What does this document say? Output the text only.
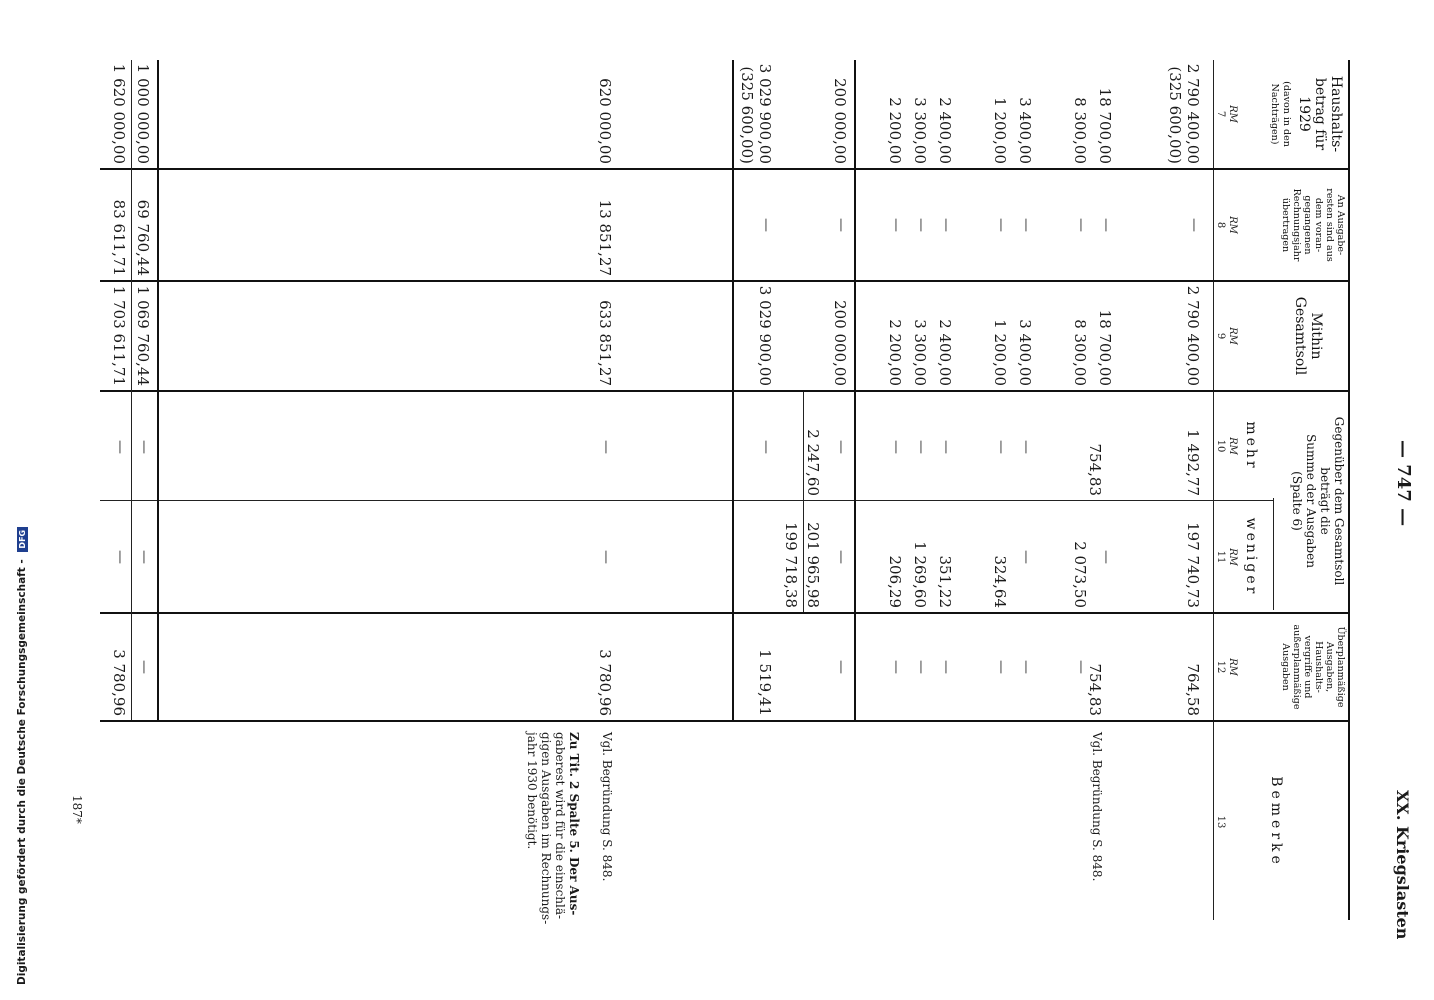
Digitalisierung gefördert durch die Deutsche Forschungsgemeinschaft - DFG
— 747 —
XX. Kriegslasten
Haushalts-
betrag für
1929
(davon in den
Nachträgen)
An Ausgabe-
resten sind aus
dem voran-
gegangenen
Rechnungsjahr
übertragen
Mithin
Gesamtsoll
Gegenüber dem Gesamtsoll
beträgt die
Summe der Ausgaben
(Spalte 6)
mehr
weniger
Überplanmäßige
Ausgaben,
Haushalts-
vergriffe und
außerplanmäßige
Ausgaben
Bemerke
RM
7
RM
8
RM
9
RM
10
RM
11
RM
12
13
2 790 400,00
(325 600,00)
—
2 790 400,00
1 492,77
197 740,73
764,58
18 700,00
—
18 700,00
754,83
—
754,83
Vgl. Begründung S. 848.
8 300,00
—
8 300,00
2 073,50
—
3 400,00
—
3 400,00
—
—
—
1 200,00
—
1 200,00
—
324,64
—
2 400,00
—
2 400,00
—
351,22
—
3 300,00
—
3 300,00
—
1 269,60
—
2 200,00
—
2 200,00
—
206,29
—
200 000,00
—
200 000,00
—
—
—
2 247,60
201 965,98
199 718,38
3 029 900,00
(325 600,00)
—
3 029 900,00
—
1 519,41
620 000,00
13 851,27
633 851,27
—
—
3 780,96
Vgl. Begründung S. 848.
Zu Tit. 2 Spalte 5. Der Aus-
gaberest wird für die einschlä-
gigen Ausgaben im Rechnungs-
jahr 1930 benötigt.
69 760,44
1 069 760,44
—
—
—
1 000 000,00
1 620 000,00
83 611,71
1 703 611,71
—
—
3 780,96
187*
